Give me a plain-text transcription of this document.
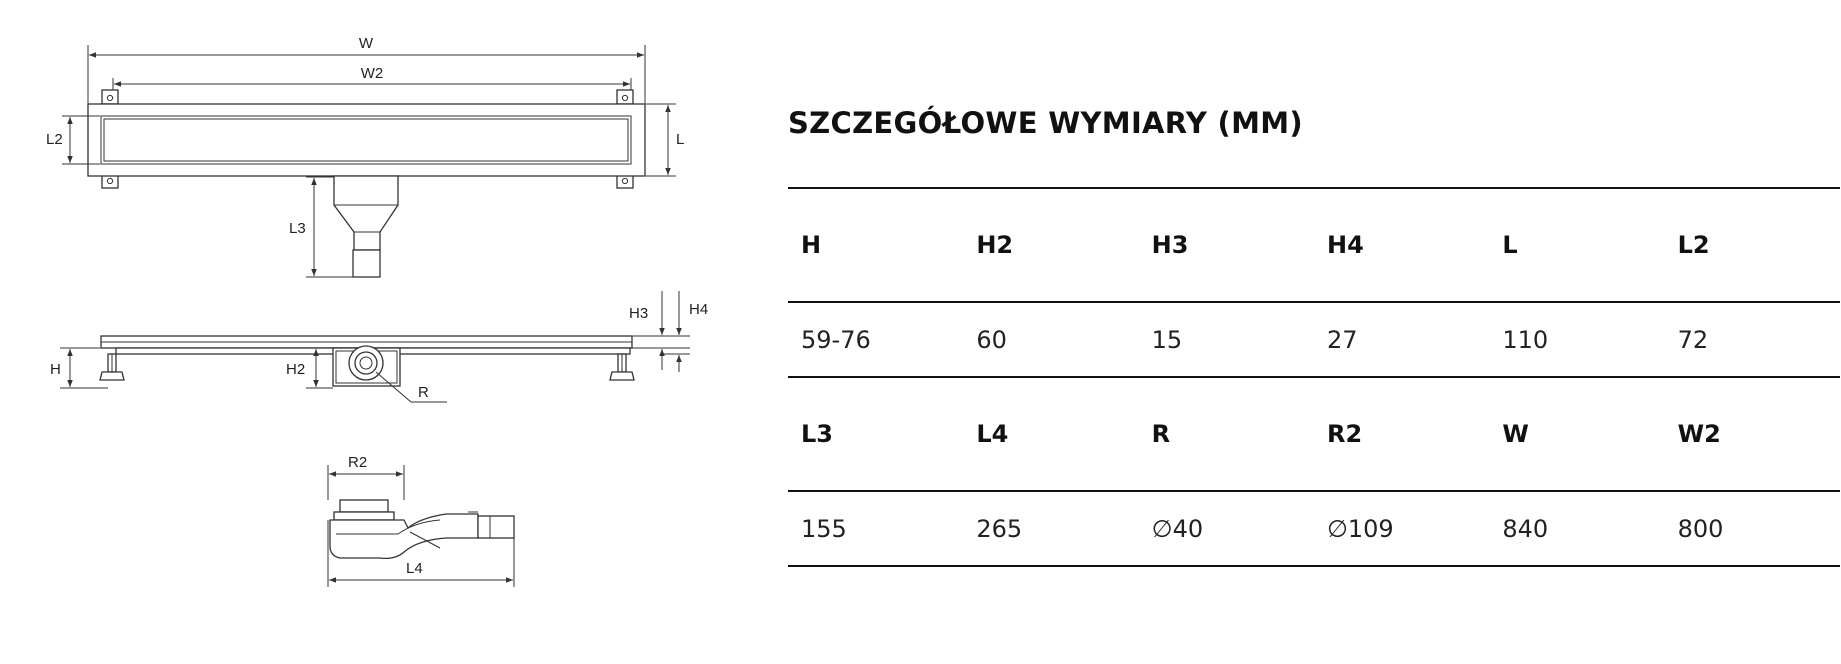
W
W2
L
L2
L3
H	H2
R
H3	H4
R2
L4
SZCZEGÓŁOWE WYMIARY (MM)
H	H2	H3	H4	L	L2
59-76	60	15	27	110	72
L3	L4	R	R2	W	W2
155	265	∅40	∅109	840	800
